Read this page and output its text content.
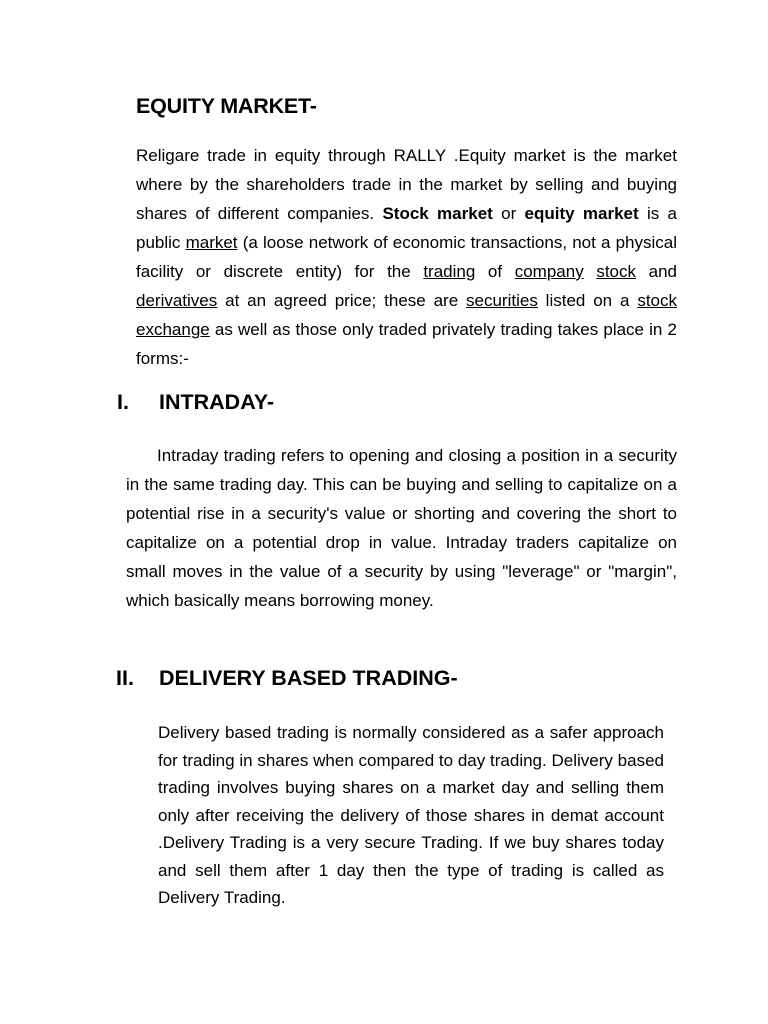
EQUITY MARKET-

Religare trade in equity through RALLY .Equity market is the market where by the shareholders trade in the market by selling and buying shares of different companies. Stock market or equity market is a public market (a loose network of economic transactions, not a physical facility or discrete entity) for the trading of company stock and derivatives at an agreed price; these are securities listed on a stock exchange as well as those only traded privately trading takes place in 2 forms:-

I.	INTRADAY-

Intraday trading refers to opening and closing a position in a security in the same trading day. This can be buying and selling to capitalize on a potential rise in a security's value or shorting and covering the short to capitalize on a potential drop in value. Intraday traders capitalize on small moves in the value of a security by using "leverage" or "margin", which basically means borrowing money.

II.	DELIVERY BASED TRADING-

Delivery based trading is normally considered as a safer approach for trading in shares when compared to day trading. Delivery based trading involves buying shares on a market day and selling them only after receiving the delivery of those shares in demat account .Delivery Trading is a very secure Trading. If we buy shares today and sell them after 1 day then the type of trading is called as Delivery Trading.
